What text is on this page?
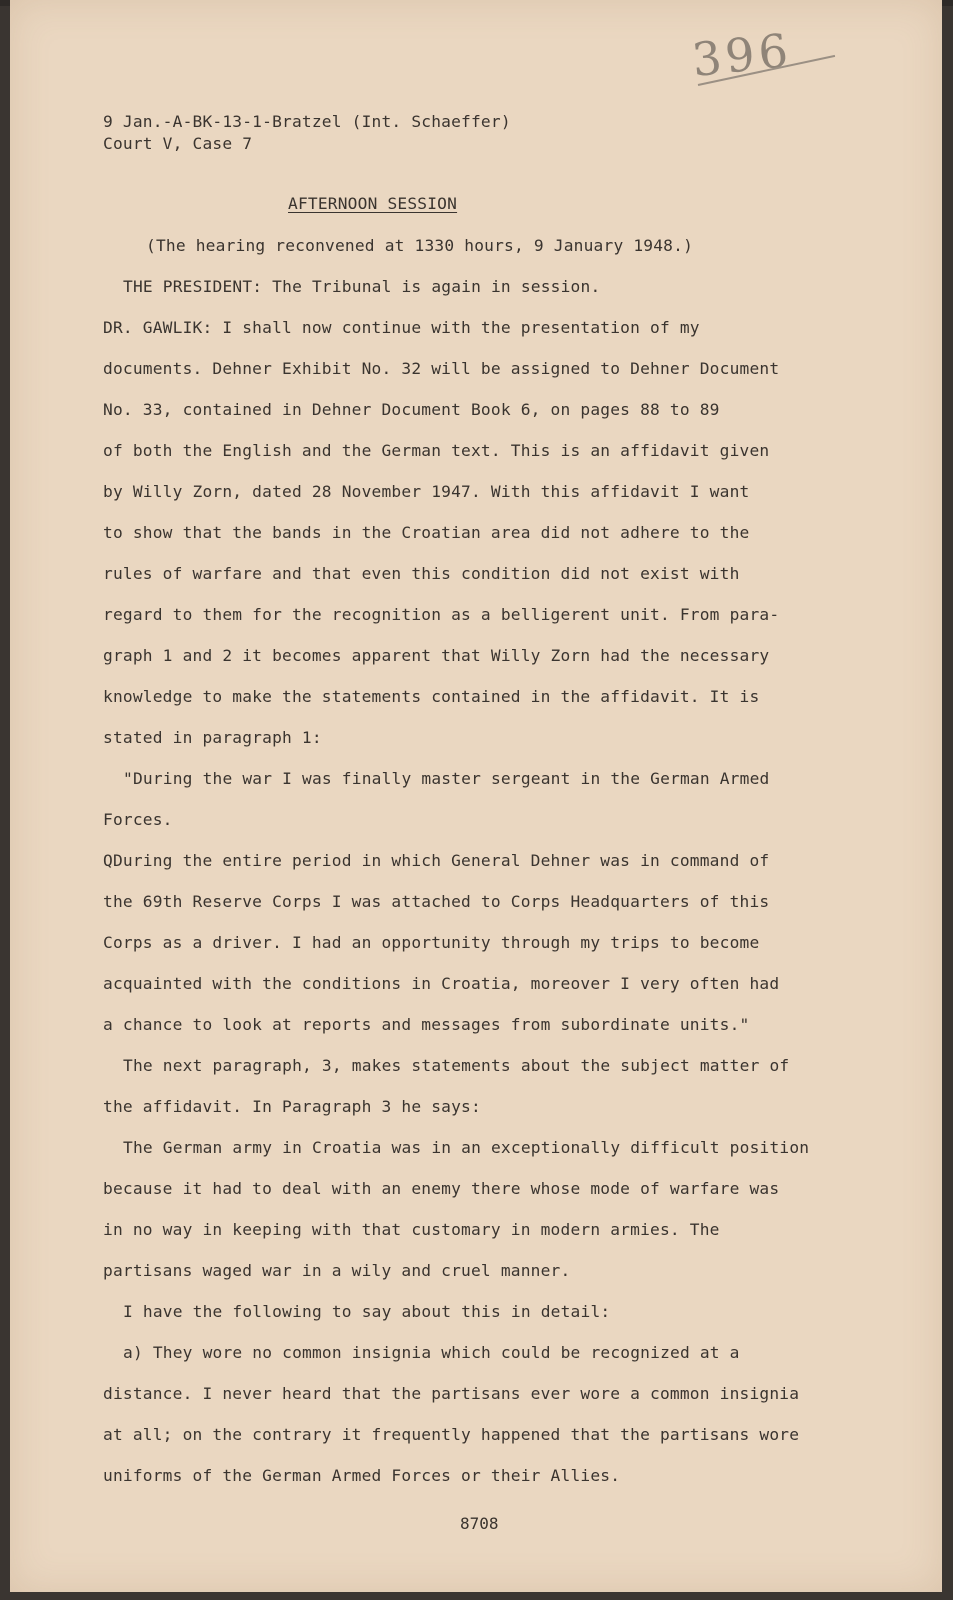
396
9 Jan.-A-BK-13-1-Bratzel (Int. Schaeffer)
Court V, Case 7
AFTERNOON SESSION
(The hearing reconvened at 1330 hours, 9 January 1948.)
THE PRESIDENT: The Tribunal is again in session.
DR. GAWLIK: I shall now continue with the presentation of my
documents. Dehner Exhibit No. 32 will be assigned to Dehner Document
No. 33, contained in Dehner Document Book 6, on pages 88 to 89
of both the English and the German text. This is an affidavit given
by Willy Zorn, dated 28 November 1947. With this affidavit I want
to show that the bands in the Croatian area did not adhere to the
rules of warfare and that even this condition did not exist with
regard to them for the recognition as a belligerent unit. From para-
graph 1 and 2 it becomes apparent that Willy Zorn had the necessary
knowledge to make the statements contained in the affidavit. It is
stated in paragraph 1:
"During the war I was finally master sergeant in the German Armed
Forces.
QDuring the entire period in which General Dehner was in command of
the 69th Reserve Corps I was attached to Corps Headquarters of this
Corps as a driver. I had an opportunity through my trips to become
acquainted with the conditions in Croatia, moreover I very often had
a chance to look at reports and messages from subordinate units."
The next paragraph, 3, makes statements about the subject matter of
the affidavit. In Paragraph 3 he says:
The German army in Croatia was in an exceptionally difficult position
because it had to deal with an enemy there whose mode of warfare was
in no way in keeping with that customary in modern armies. The
partisans waged war in a wily and cruel manner.
I have the following to say about this in detail:
a) They wore no common insignia which could be recognized at a
distance. I never heard that the partisans ever wore a common insignia
at all; on the contrary it frequently happened that the partisans wore
uniforms of the German Armed Forces or their Allies.
8708
